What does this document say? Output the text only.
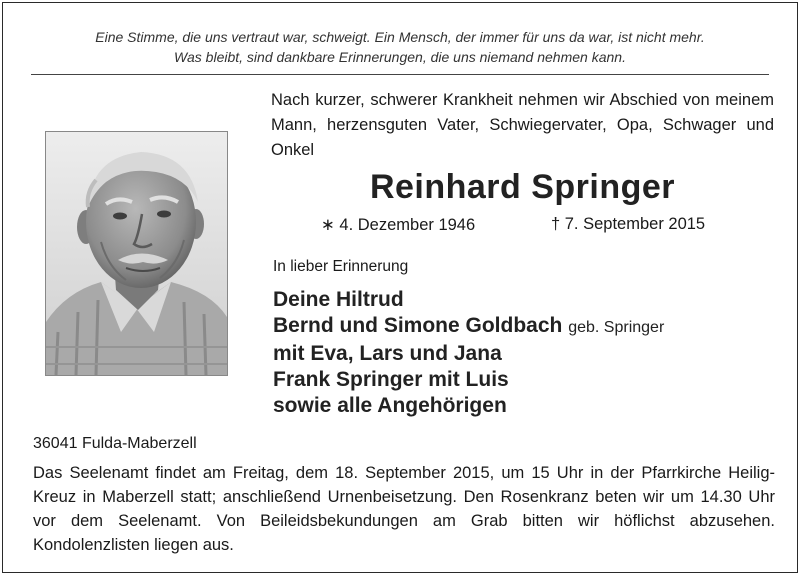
Eine Stimme, die uns vertraut war, schweigt. Ein Mensch, der immer für uns da war, ist nicht mehr.
Was bleibt, sind dankbare Erinnerungen, die uns niemand nehmen kann.
Nach kurzer, schwerer Krankheit nehmen wir Abschied von meinem Mann, herzensguten Vater, Schwiegervater, Opa, Schwager und Onkel
Reinhard Springer
∗ 4. Dezember 1946	† 7. September 2015
In lieber Erinnerung
Deine Hiltrud
Bernd und Simone Goldbach geb. Springer
mit Eva, Lars und Jana
Frank Springer mit Luis
sowie alle Angehörigen
36041 Fulda-Maberzell
Das Seelenamt findet am Freitag, dem 18. September 2015, um 15 Uhr in der Pfarrkirche Heilig-Kreuz in Maberzell statt; anschließend Urnenbeisetzung. Den Rosenkranz beten wir um 14.30 Uhr vor dem Seelenamt. Von Beileidsbekundungen am Grab bitten wir höflichst abzusehen. Kondolenzlisten liegen aus.
